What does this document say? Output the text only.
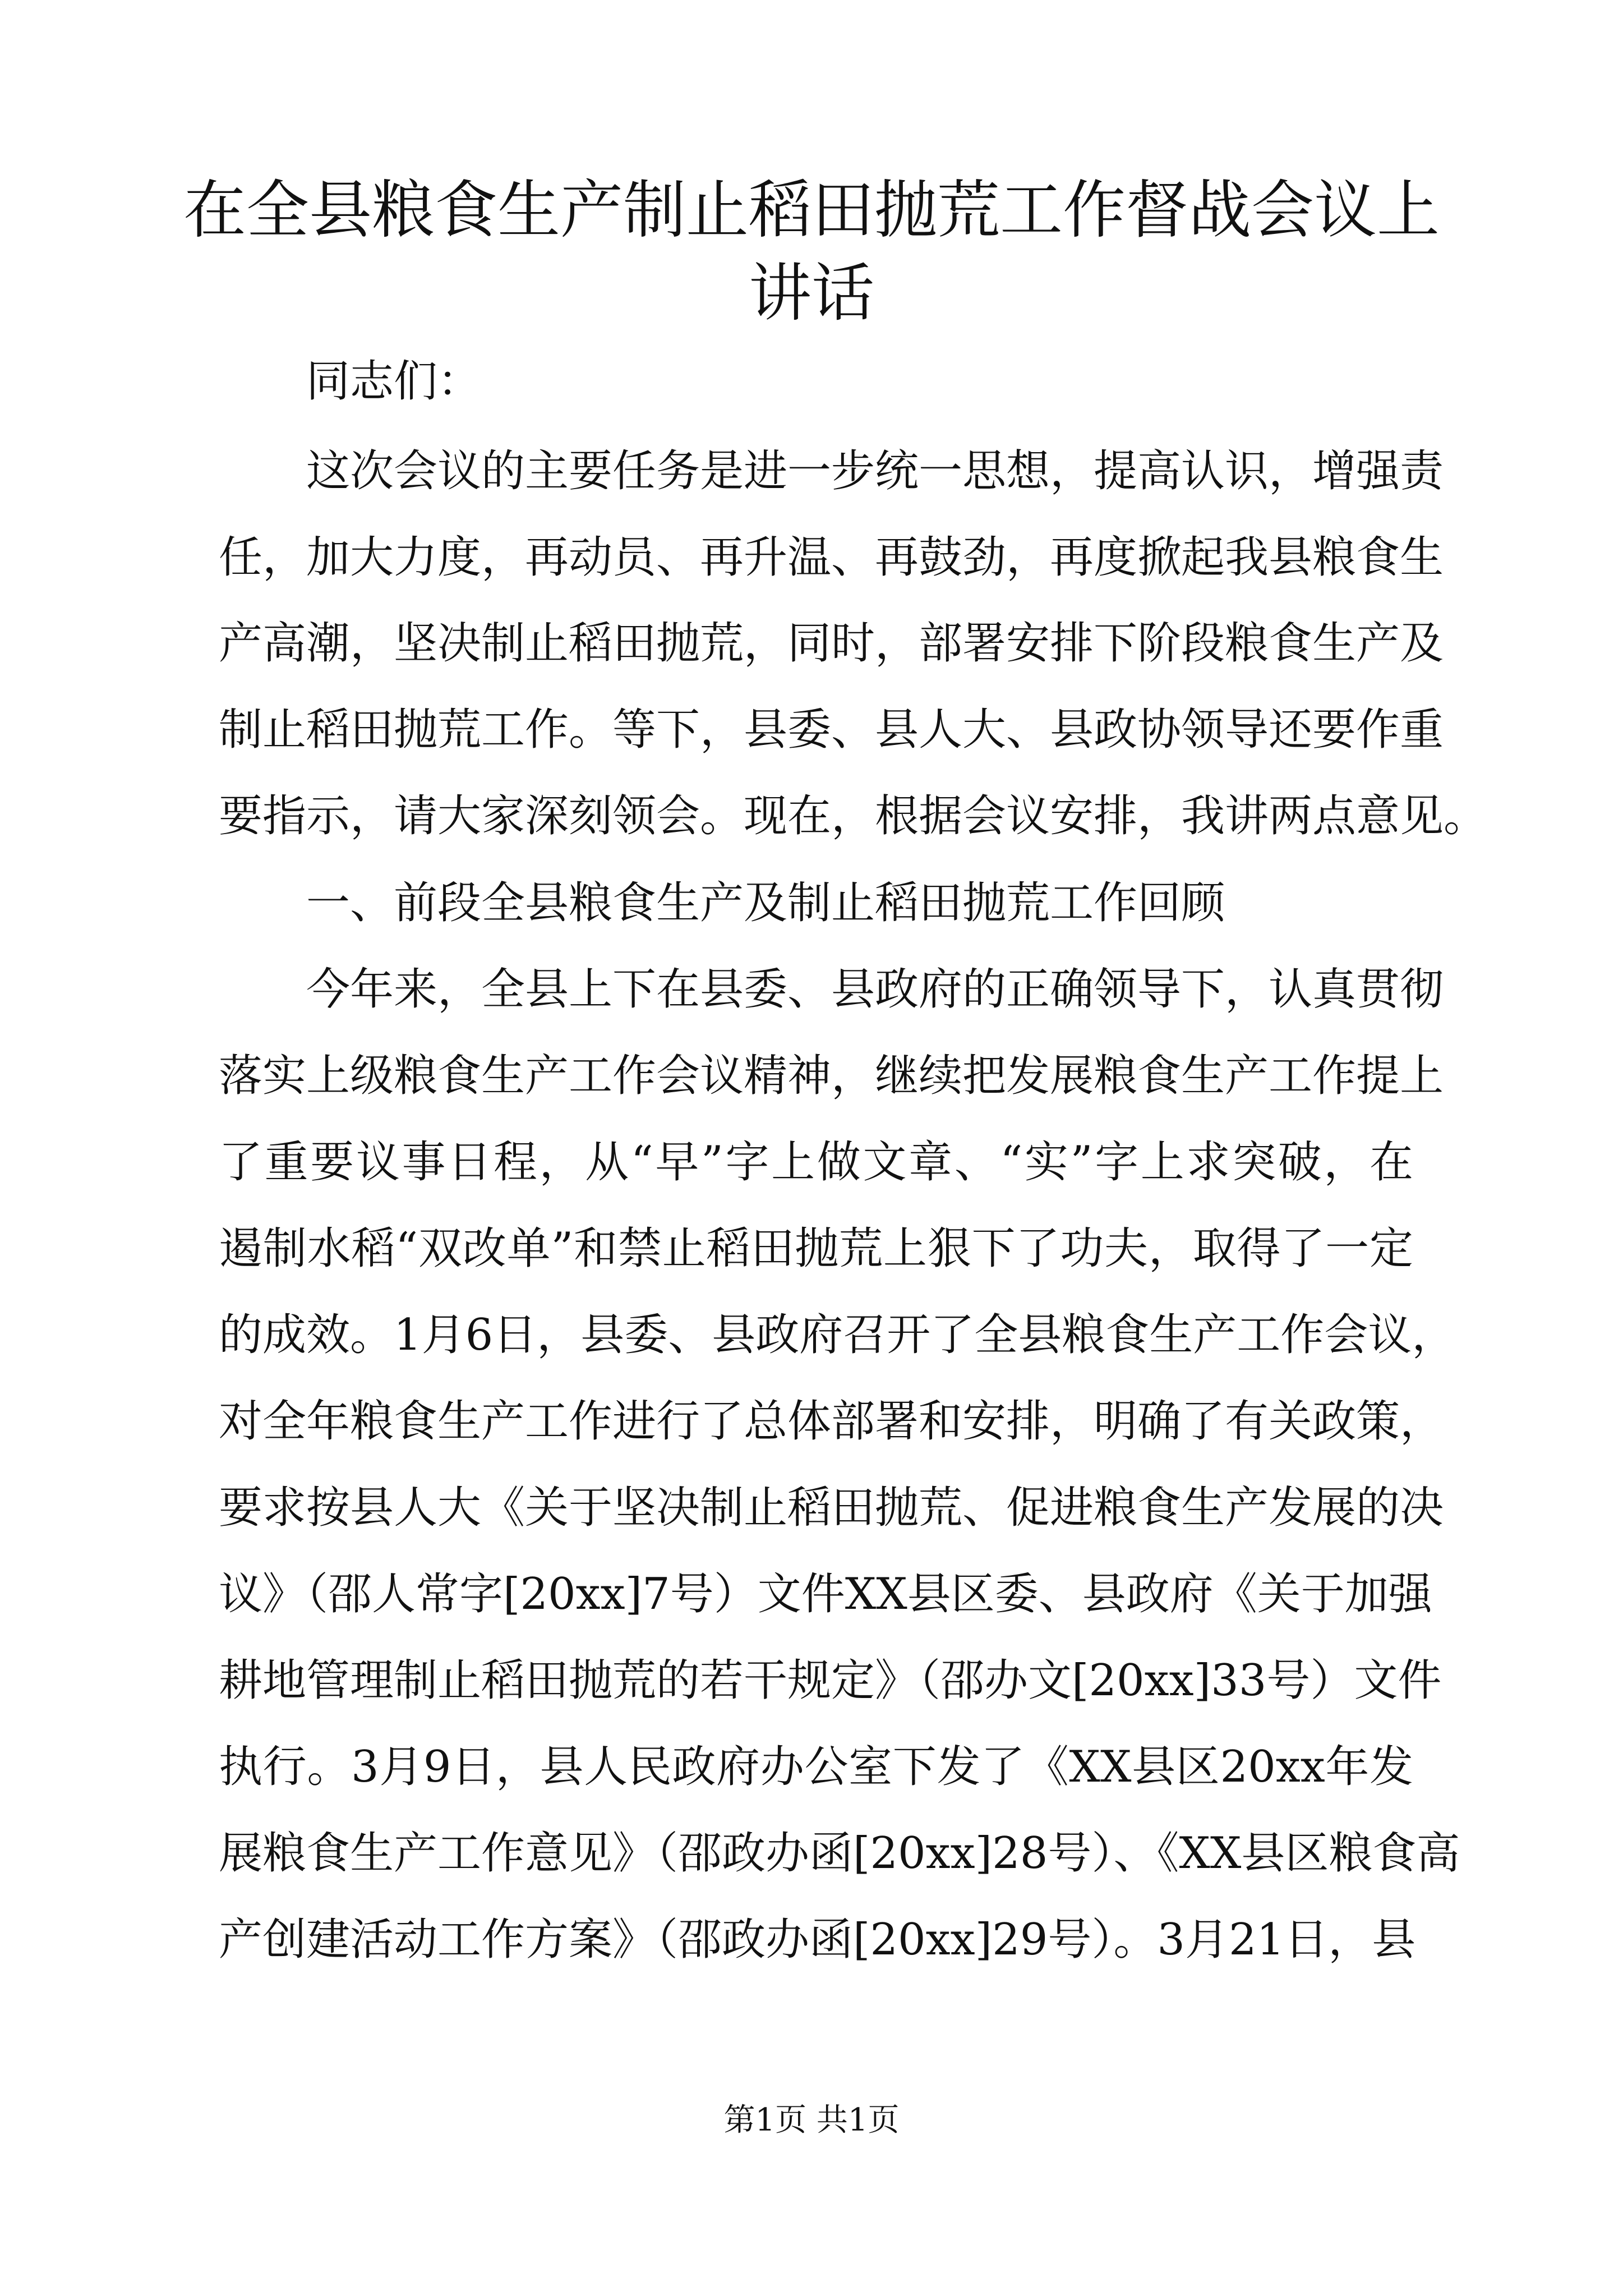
在全县粮食生产制止稻田抛荒工作督战会议上
讲话
同志们：
这次会议的主要任务是进一步统一思想，提高认识，增强责
任，加大力度，再动员、再升温、再鼓劲，再度掀起我县粮食生
产高潮，坚决制止稻田抛荒，同时，部署安排下阶段粮食生产及
制止稻田抛荒工作。等下，县委、县人大、县政协领导还要作重
要指示，请大家深刻领会。现在，根据会议安排，我讲两点意见。
一、前段全县粮食生产及制止稻田抛荒工作回顾
今年来，全县上下在县委、县政府的正确领导下，认真贯彻
落实上级粮食生产工作会议精神，继续把发展粮食生产工作提上
了重要议事日程，从“早”字上做文章、“实”字上求突破，在
遏制水稻“双改单”和禁止稻田抛荒上狠下了功夫，取得了一定
的成效。1月6日，县委、县政府召开了全县粮食生产工作会议，
对全年粮食生产工作进行了总体部署和安排，明确了有关政策，
要求按县人大《关于坚决制止稻田抛荒、促进粮食生产发展的决
议》（邵人常字[20xx]7号）文件XX县区委、县政府《关于加强
耕地管理制止稻田抛荒的若干规定》（邵办文[20xx]33号）文件
执行。3月9日，县人民政府办公室下发了《XX县区20xx年发
展粮食生产工作意见》（邵政办函[20xx]28号）、《XX县区粮食高
产创建活动工作方案》（邵政办函[20xx]29号）。3月21日，县
第1页 共1页
